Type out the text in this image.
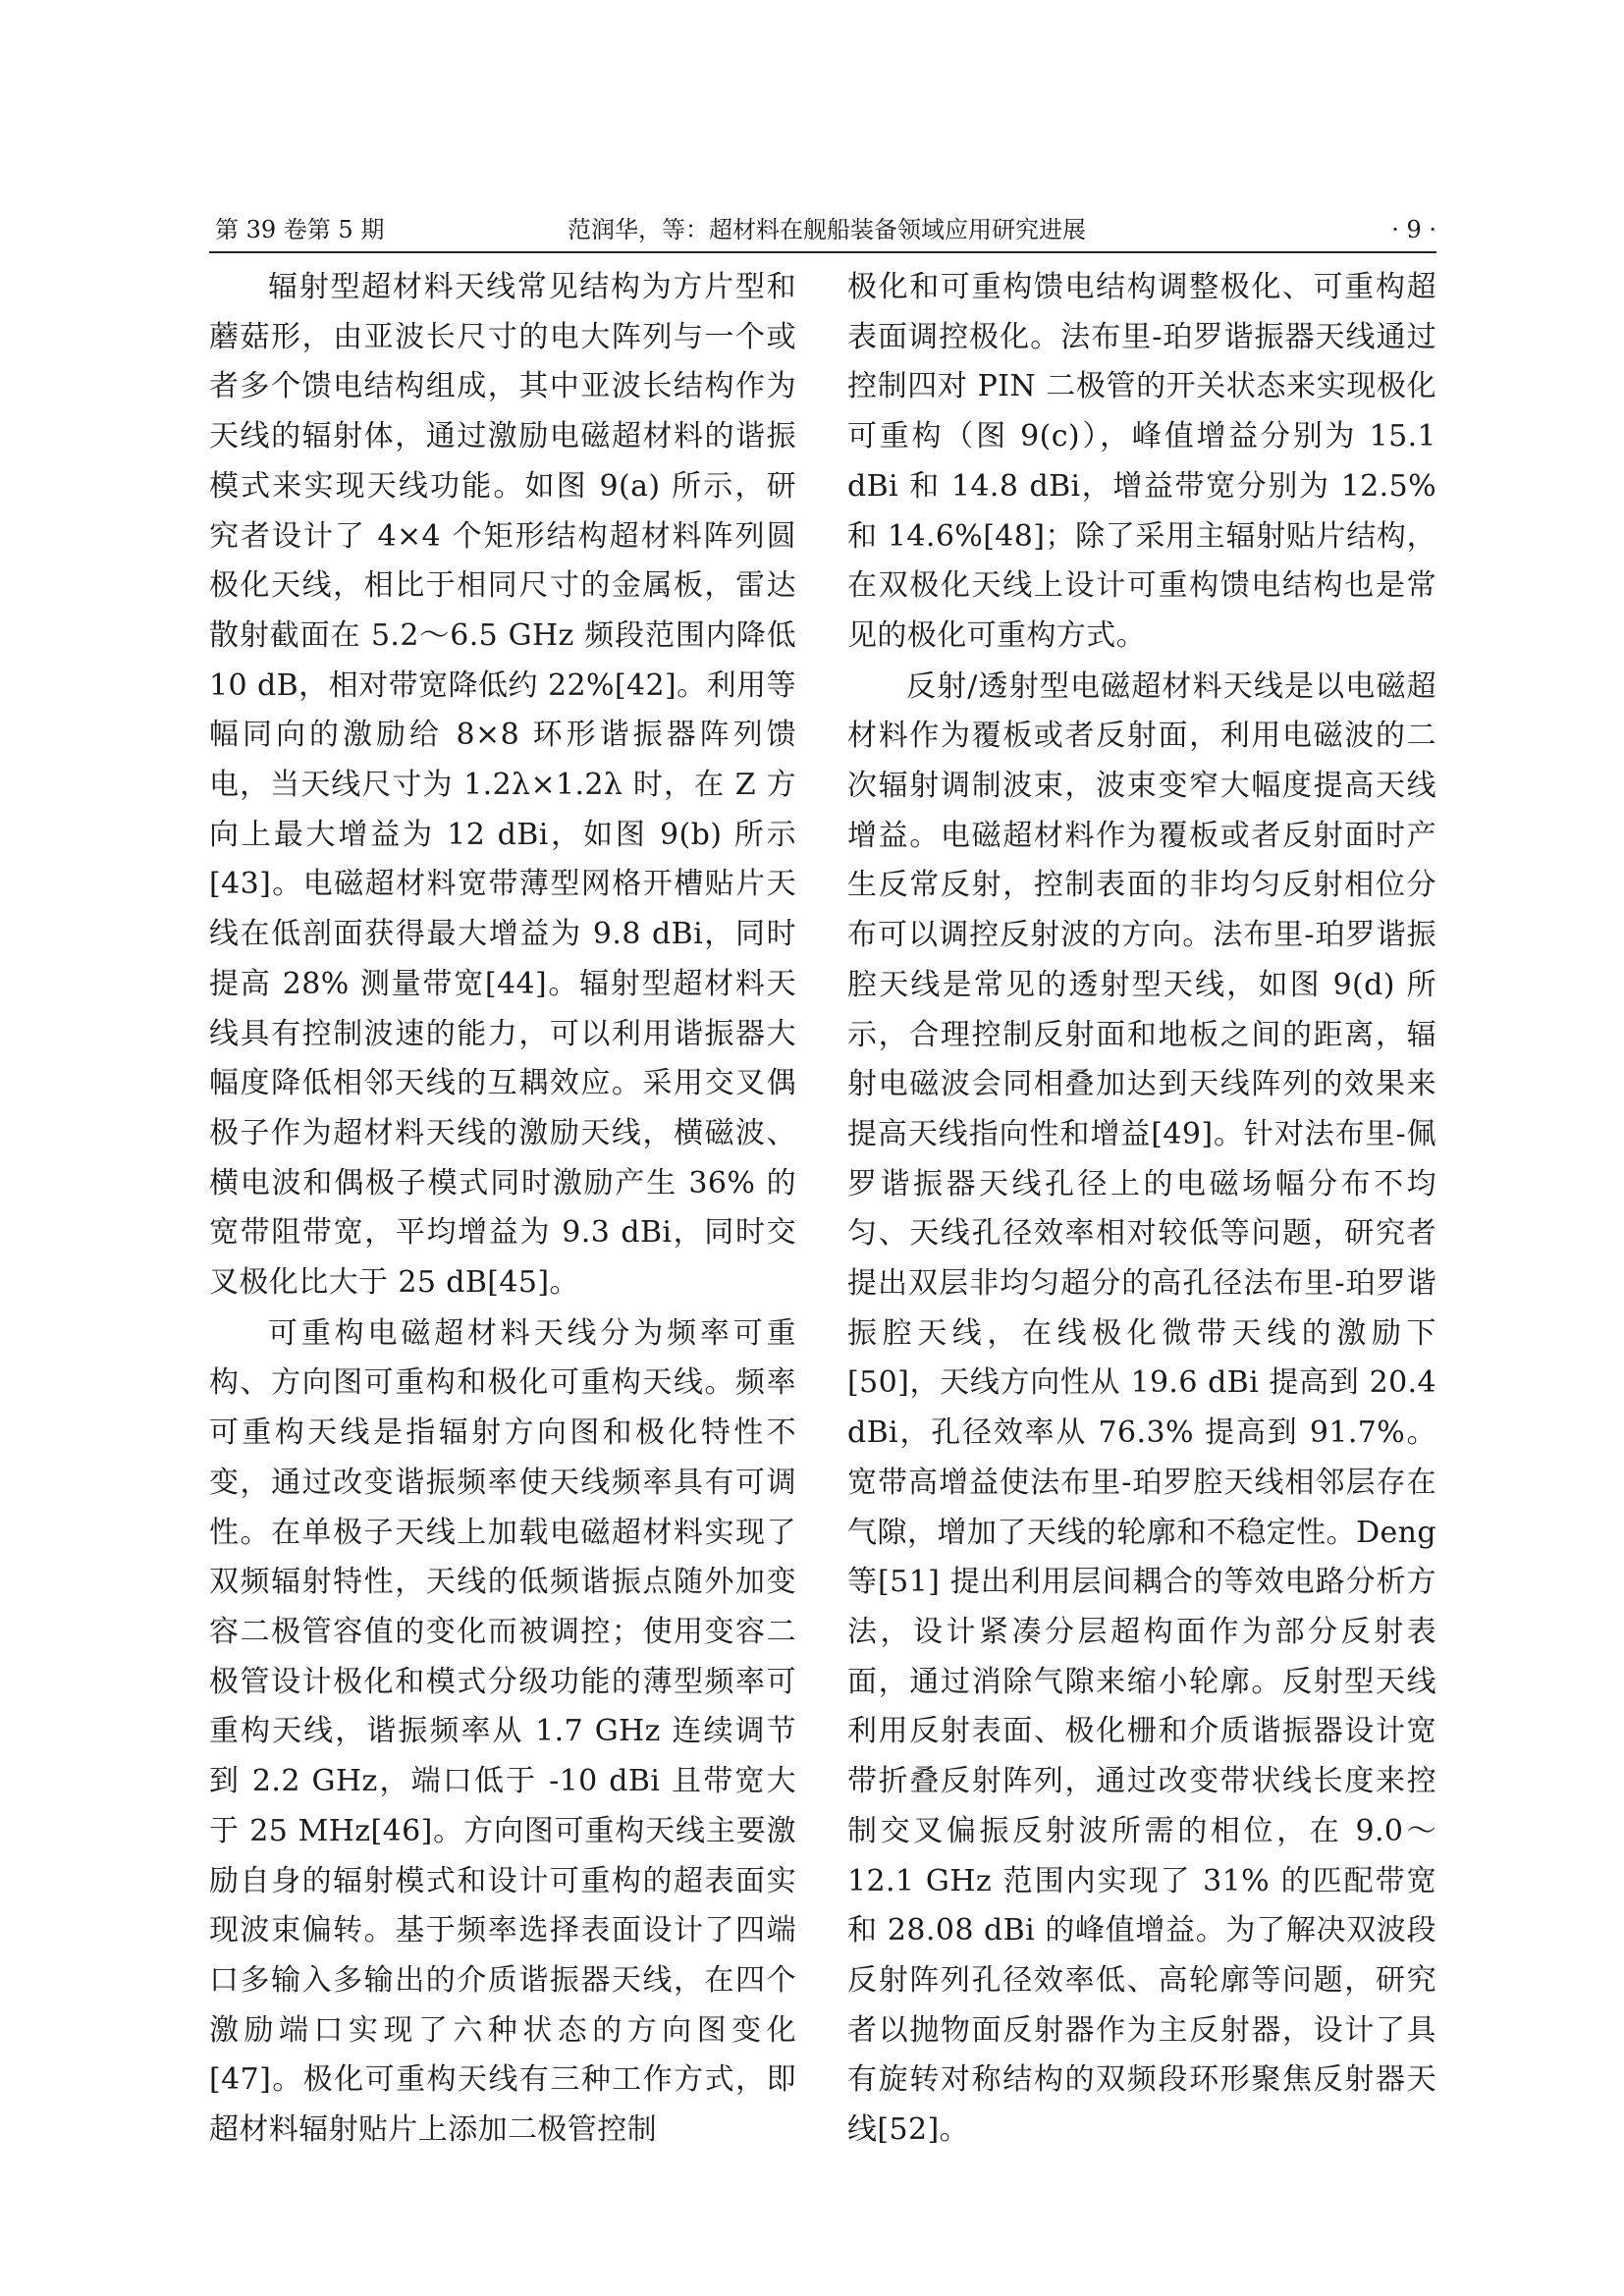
第 39 卷第 5 期	范润华，等：超材料在舰船装备领域应用研究进展	· 9 ·

辐射型超材料天线常见结构为方片型和蘑菇形，由亚波长尺寸的电大阵列与一个或者多个馈电结构组成，其中亚波长结构作为天线的辐射体，通过激励电磁超材料的谐振模式来实现天线功能。如图 9(a) 所示，研究者设计了 4×4 个矩形结构超材料阵列圆极化天线，相比于相同尺寸的金属板，雷达散射截面在 5.2～6.5 GHz 频段范围内降低 10 dB，相对带宽降低约 22%[42]。利用等幅同向的激励给 8×8 环形谐振器阵列馈电，当天线尺寸为 1.2λ×1.2λ 时，在 Z 方向上最大增益为 12 dBi，如图 9(b) 所示[43]。电磁超材料宽带薄型网格开槽贴片天线在低剖面获得最大增益为 9.8 dBi，同时提高 28% 测量带宽[44]。辐射型超材料天线具有控制波速的能力，可以利用谐振器大幅度降低相邻天线的互耦效应。采用交叉偶极子作为超材料天线的激励天线，横磁波、横电波和偶极子模式同时激励产生 36% 的宽带阻带宽，平均增益为 9.3 dBi，同时交叉极化比大于 25 dB[45]。

可重构电磁超材料天线分为频率可重构、方向图可重构和极化可重构天线。频率可重构天线是指辐射方向图和极化特性不变，通过改变谐振频率使天线频率具有可调性。在单极子天线上加载电磁超材料实现了双频辐射特性，天线的低频谐振点随外加变容二极管容值的变化而被调控；使用变容二极管设计极化和模式分级功能的薄型频率可重构天线，谐振频率从 1.7 GHz 连续调节到 2.2 GHz，端口低于 -10 dBi 且带宽大于 25 MHz[46]。方向图可重构天线主要激励自身的辐射模式和设计可重构的超表面实现波束偏转。基于频率选择表面设计了四端口多输入多输出的介质谐振器天线，在四个激励端口实现了六种状态的方向图变化[47]。极化可重构天线有三种工作方式，即超材料辐射贴片上添加二极管控制

极化和可重构馈电结构调整极化、可重构超表面调控极化。法布里-珀罗谐振器天线通过控制四对 PIN 二极管的开关状态来实现极化可重构（图 9(c)），峰值增益分别为 15.1 dBi 和 14.8 dBi，增益带宽分别为 12.5% 和 14.6%[48]；除了采用主辐射贴片结构，在双极化天线上设计可重构馈电结构也是常见的极化可重构方式。

反射/透射型电磁超材料天线是以电磁超材料作为覆板或者反射面，利用电磁波的二次辐射调制波束，波束变窄大幅度提高天线增益。电磁超材料作为覆板或者反射面时产生反常反射，控制表面的非均匀反射相位分布可以调控反射波的方向。法布里-珀罗谐振腔天线是常见的透射型天线，如图 9(d) 所示，合理控制反射面和地板之间的距离，辐射电磁波会同相叠加达到天线阵列的效果来提高天线指向性和增益[49]。针对法布里-佩罗谐振器天线孔径上的电磁场幅分布不均匀、天线孔径效率相对较低等问题，研究者提出双层非均匀超分的高孔径法布里-珀罗谐振腔天线，在线极化微带天线的激励下[50]，天线方向性从 19.6 dBi 提高到 20.4 dBi，孔径效率从 76.3% 提高到 91.7%。宽带高增益使法布里-珀罗腔天线相邻层存在气隙，增加了天线的轮廓和不稳定性。Deng 等[51] 提出利用层间耦合的等效电路分析方法，设计紧凑分层超构面作为部分反射表面，通过消除气隙来缩小轮廓。反射型天线利用反射表面、极化栅和介质谐振器设计宽带折叠反射阵列，通过改变带状线长度来控制交叉偏振反射波所需的相位，在 9.0～12.1 GHz 范围内实现了 31% 的匹配带宽和 28.08 dBi 的峰值增益。为了解决双波段反射阵列孔径效率低、高轮廓等问题，研究者以抛物面反射器作为主反射器，设计了具有旋转对称结构的双频段环形聚焦反射器天线[52]。
